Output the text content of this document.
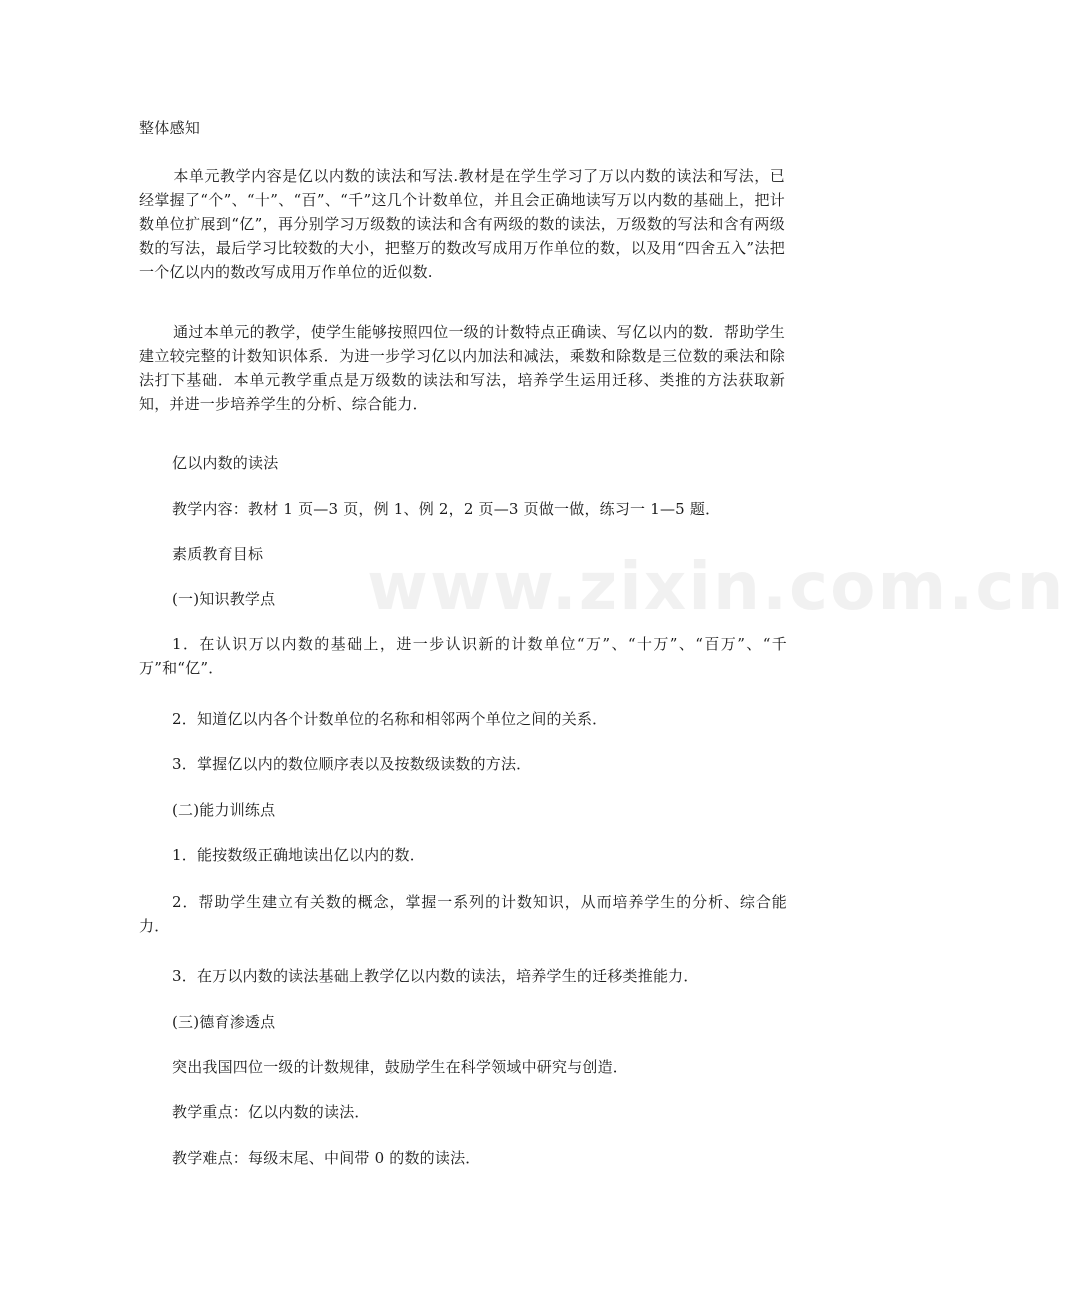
整体感知

本单元教学内容是亿以内数的读法和写法.教材是在学生学习了万以内数的读法和写法，已经掌握了“个”、“十”、“百”、“千”这几个计数单位，并且会正确地读写万以内数的基础上，把计数单位扩展到“亿”，再分别学习万级数的读法和含有两级的数的读法，万级数的写法和含有两级数的写法，最后学习比较数的大小，把整万的数改写成用万作单位的数，以及用“四舍五入”法把一个亿以内的数改写成用万作单位的近似数.

通过本单元的教学，使学生能够按照四位一级的计数特点正确读、写亿以内的数．帮助学生建立较完整的计数知识体系．为进一步学习亿以内加法和减法，乘数和除数是三位数的乘法和除法打下基础．本单元教学重点是万级数的读法和写法，培养学生运用迁移、类推的方法获取新知，并进一步培养学生的分析、综合能力．

亿以内数的读法

教学内容：教材 1 页—3 页，例 1、例 2，2 页—3 页做一做，练习一 1—5 题．

素质教育目标

(一)知识教学点

1．在认识万以内数的基础上，进一步认识新的计数单位“万”、“十万”、“百万”、“千万”和“亿”．

2．知道亿以内各个计数单位的名称和相邻两个单位之间的关系．

3．掌握亿以内的数位顺序表以及按数级读数的方法．

(二)能力训练点

1．能按数级正确地读出亿以内的数．

2．帮助学生建立有关数的概念，掌握一系列的计数知识，从而培养学生的分析、综合能力．

3．在万以内数的读法基础上教学亿以内数的读法，培养学生的迁移类推能力．

(三)德育渗透点

突出我国四位一级的计数规律，鼓励学生在科学领域中研究与创造．

教学重点：亿以内数的读法．

教学难点：每级末尾、中间带 0 的数的读法．

www.zixin.com.cn
